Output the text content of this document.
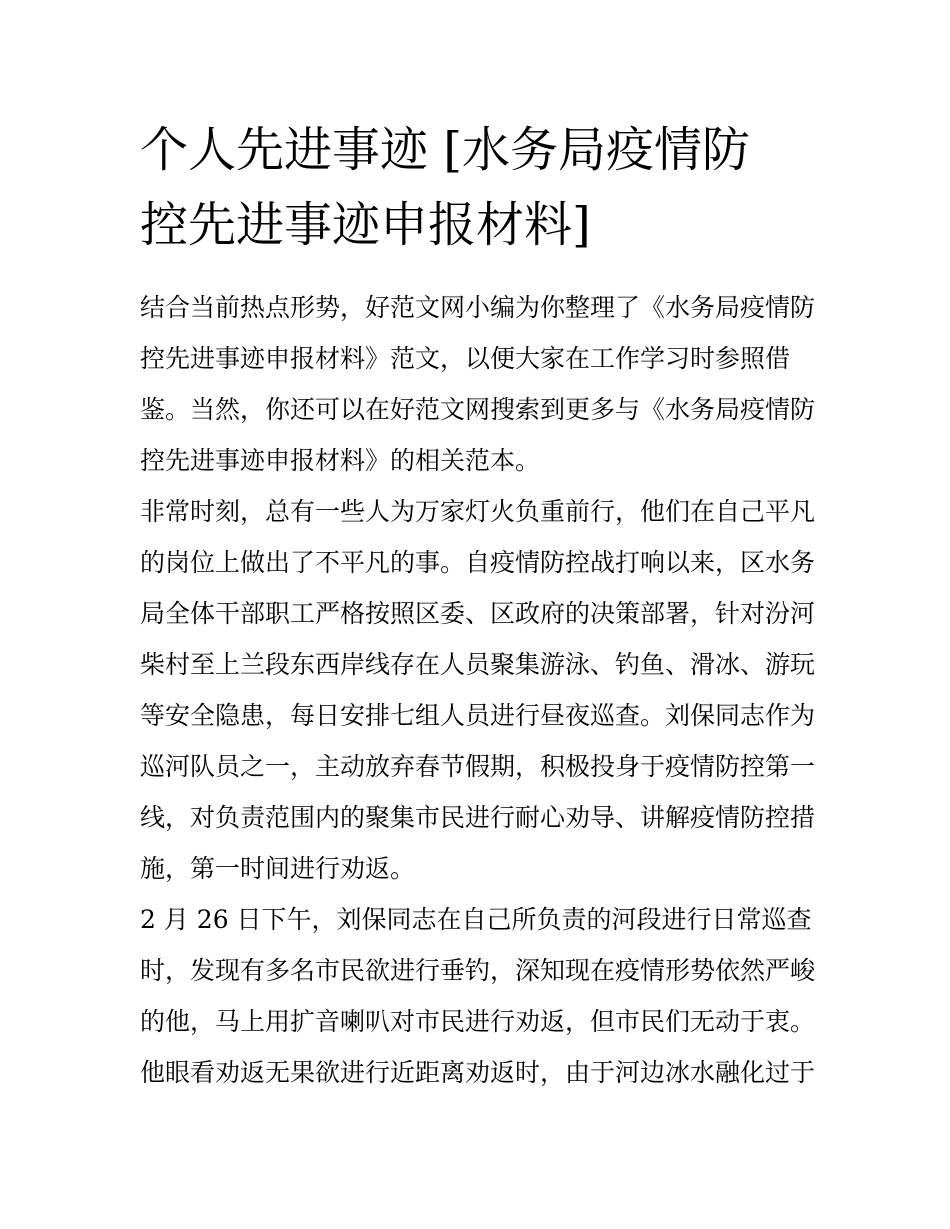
个人先进事迹 [水务局疫情防
控先进事迹申报材料]
结合当前热点形势，好范文网小编为你整理了《水务局疫情防
控先进事迹申报材料》范文，以便大家在工作学习时参照借
鉴。当然，你还可以在好范文网搜索到更多与《水务局疫情防
控先进事迹申报材料》的相关范本。
非常时刻，总有一些人为万家灯火负重前行，他们在自己平凡
的岗位上做出了不平凡的事。自疫情防控战打响以来，区水务
局全体干部职工严格按照区委、区政府的决策部署，针对汾河
柴村至上兰段东西岸线存在人员聚集游泳、钓鱼、滑冰、游玩
等安全隐患，每日安排七组人员进行昼夜巡查。刘保同志作为
巡河队员之一，主动放弃春节假期，积极投身于疫情防控第一
线，对负责范围内的聚集市民进行耐心劝导、讲解疫情防控措
施，第一时间进行劝返。
2 月 26 日下午，刘保同志在自己所负责的河段进行日常巡查
时，发现有多名市民欲进行垂钓，深知现在疫情形势依然严峻
的他，马上用扩音喇叭对市民进行劝返，但市民们无动于衷。
他眼看劝返无果欲进行近距离劝返时，由于河边冰水融化过于
